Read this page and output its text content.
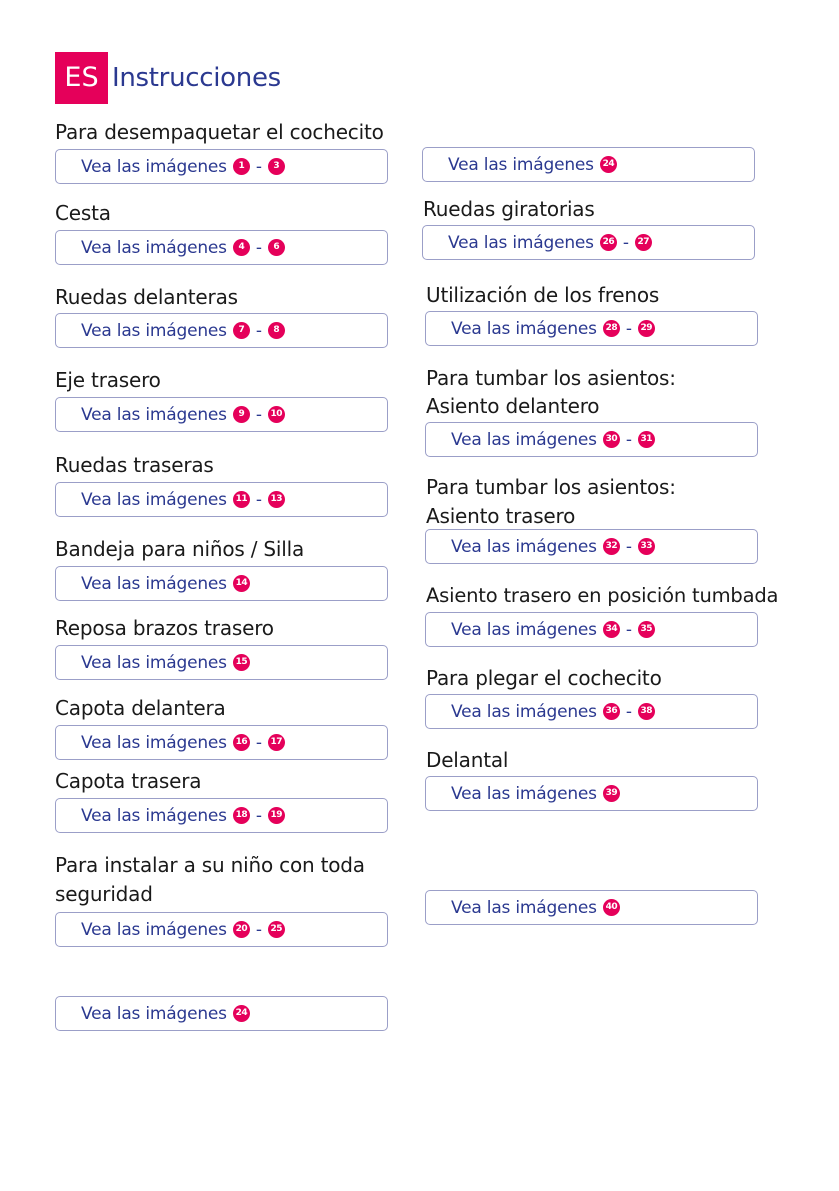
ES Instrucciones
Para desempaquetar el cochecito
Vea las imágenes	1 -	3
Cesta
Vea las imágenes	4 -	6
Ruedas delanteras
Vea las imágenes	7 -	8
Eje trasero
Vea las imágenes	9 - 10
Ruedas traseras
Vea las imágenes 11 - 13
Bandeja para niños / Silla
Vea las imágenes 14
Reposa brazos trasero
Vea las imágenes 15
Capota delantera
Vea las imágenes 16 - 17
Capota trasera
Vea las imágenes 18 - 19
Para instalar a su niño con toda
seguridad
Vea las imágenes 20 - 25
Vea las imágenes 24
Vea las imágenes 24
Ruedas giratorias
Vea las imágenes 26 - 27
Utilización de los frenos
Vea las imágenes 28 - 29
Para tumbar los asientos:
Asiento delantero
Vea las imágenes 30 - 31
Para tumbar los asientos:
Asiento trasero
Vea las imágenes 32 - 33
Asiento trasero en posición tumbada
Vea las imágenes 34 - 35
Para plegar el cochecito
Vea las imágenes 36 - 38
Delantal
Vea las imágenes 39
Vea las imágenes 40
